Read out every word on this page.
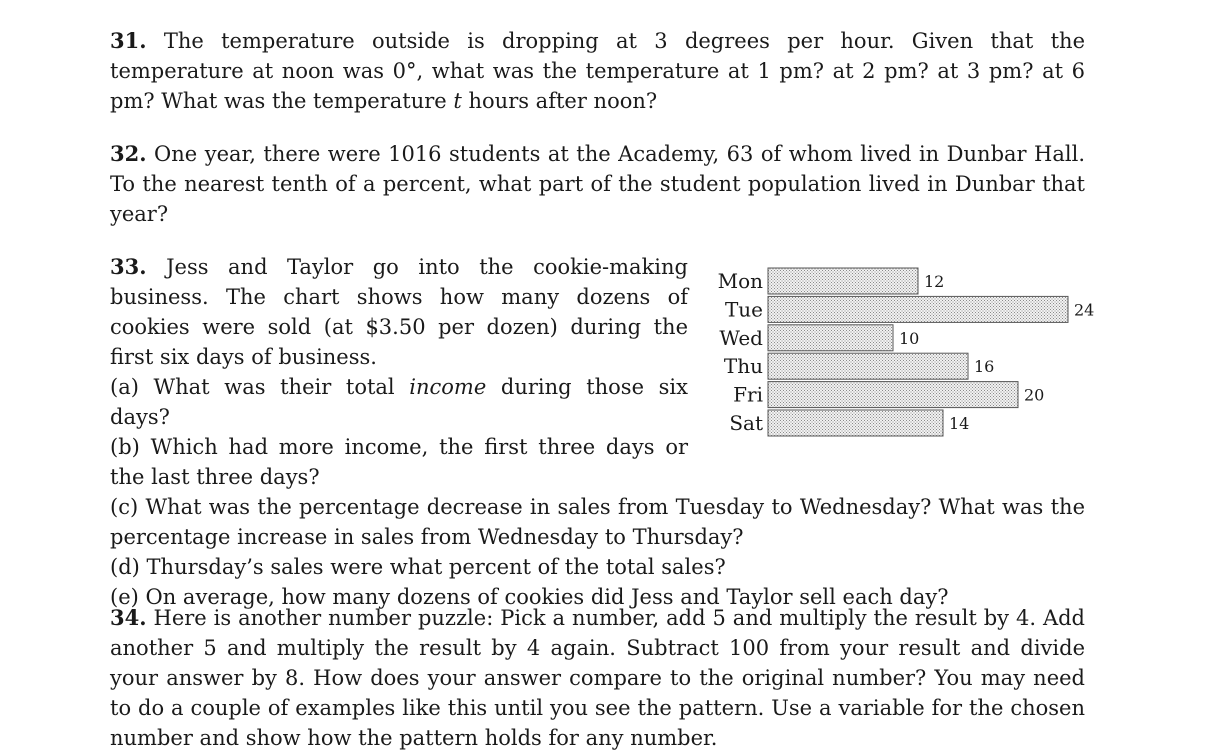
31. The temperature outside is dropping at 3 degrees per hour. Given that the temperature at noon was 0°, what was the temperature at 1 pm? at 2 pm? at 3 pm? at 6 pm? What was the temperature t hours after noon?

32. One year, there were 1016 students at the Academy, 63 of whom lived in Dunbar Hall. To the nearest tenth of a percent, what part of the student population lived in Dunbar that year?

33. Jess and Taylor go into the cookie-making business. The chart shows how many dozens of cookies were sold (at $3.50 per dozen) during the first six days of business.

(a) What was their total income during those six days?

(b) Which had more income, the first three days or the last three days?

(c) What was the percentage decrease in sales from Tuesday to Wednesday? What was the percentage increase in sales from Wednesday to Thursday?

(d) Thursday’s sales were what percent of the total sales?

(e) On average, how many dozens of cookies did Jess and Taylor sell each day?

34. Here is another number puzzle: Pick a number, add 5 and multiply the result by 4. Add another 5 and multiply the result by 4 again. Subtract 100 from your result and divide your answer by 8. How does your answer compare to the original number? You may need to do a couple of examples like this until you see the pattern. Use a variable for the chosen number and show how the pattern holds for any number.

Mon	12
Tue	24
Wed	10
Thu	16
Fri	20
Sat	14
